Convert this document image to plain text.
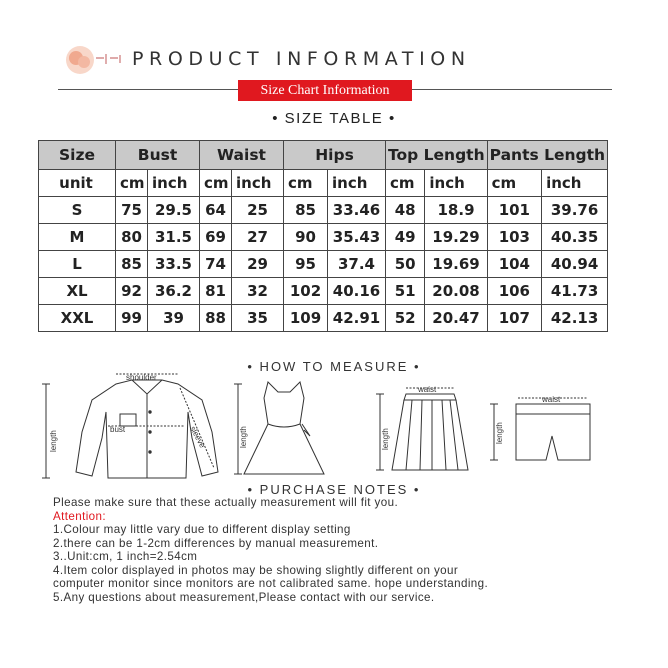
PRODUCT INFORMATION
Size Chart Information
• SIZE TABLE •
Size	Bust		Waist		Hips		Top Length		Pants Length	
unit	cm	inch	cm	inch	cm	inch	cm	inch	cm	inch
S	75	29.5	64	25	85	33.46	48	18.9	101	39.76
M	80	31.5	69	27	90	35.43	49	19.29	103	40.35
L	85	33.5	74	29	95	37.4	50	19.69	104	40.94
XL	92	36.2	81	32	102	40.16	51	20.08	106	41.73
XXL	99	39	88	35	109	42.91	52	20.47	107	42.13
• HOW TO MEASURE •
shoulder
bust	sleeve
length	length
waist
length
waist
length
• PURCHASE NOTES •
Please make sure that these actually measurement will fit you.
Attention:
1.Colour may little vary due to different display setting
2.there can be 1-2cm differences by manual measurement.
3..Unit:cm, 1 inch=2.54cm
4.Item color displayed in photos may be showing slightly different on your
computer monitor since monitors are not calibrated same. hope understanding.
5.Any questions about measurement,Please contact with our service.
